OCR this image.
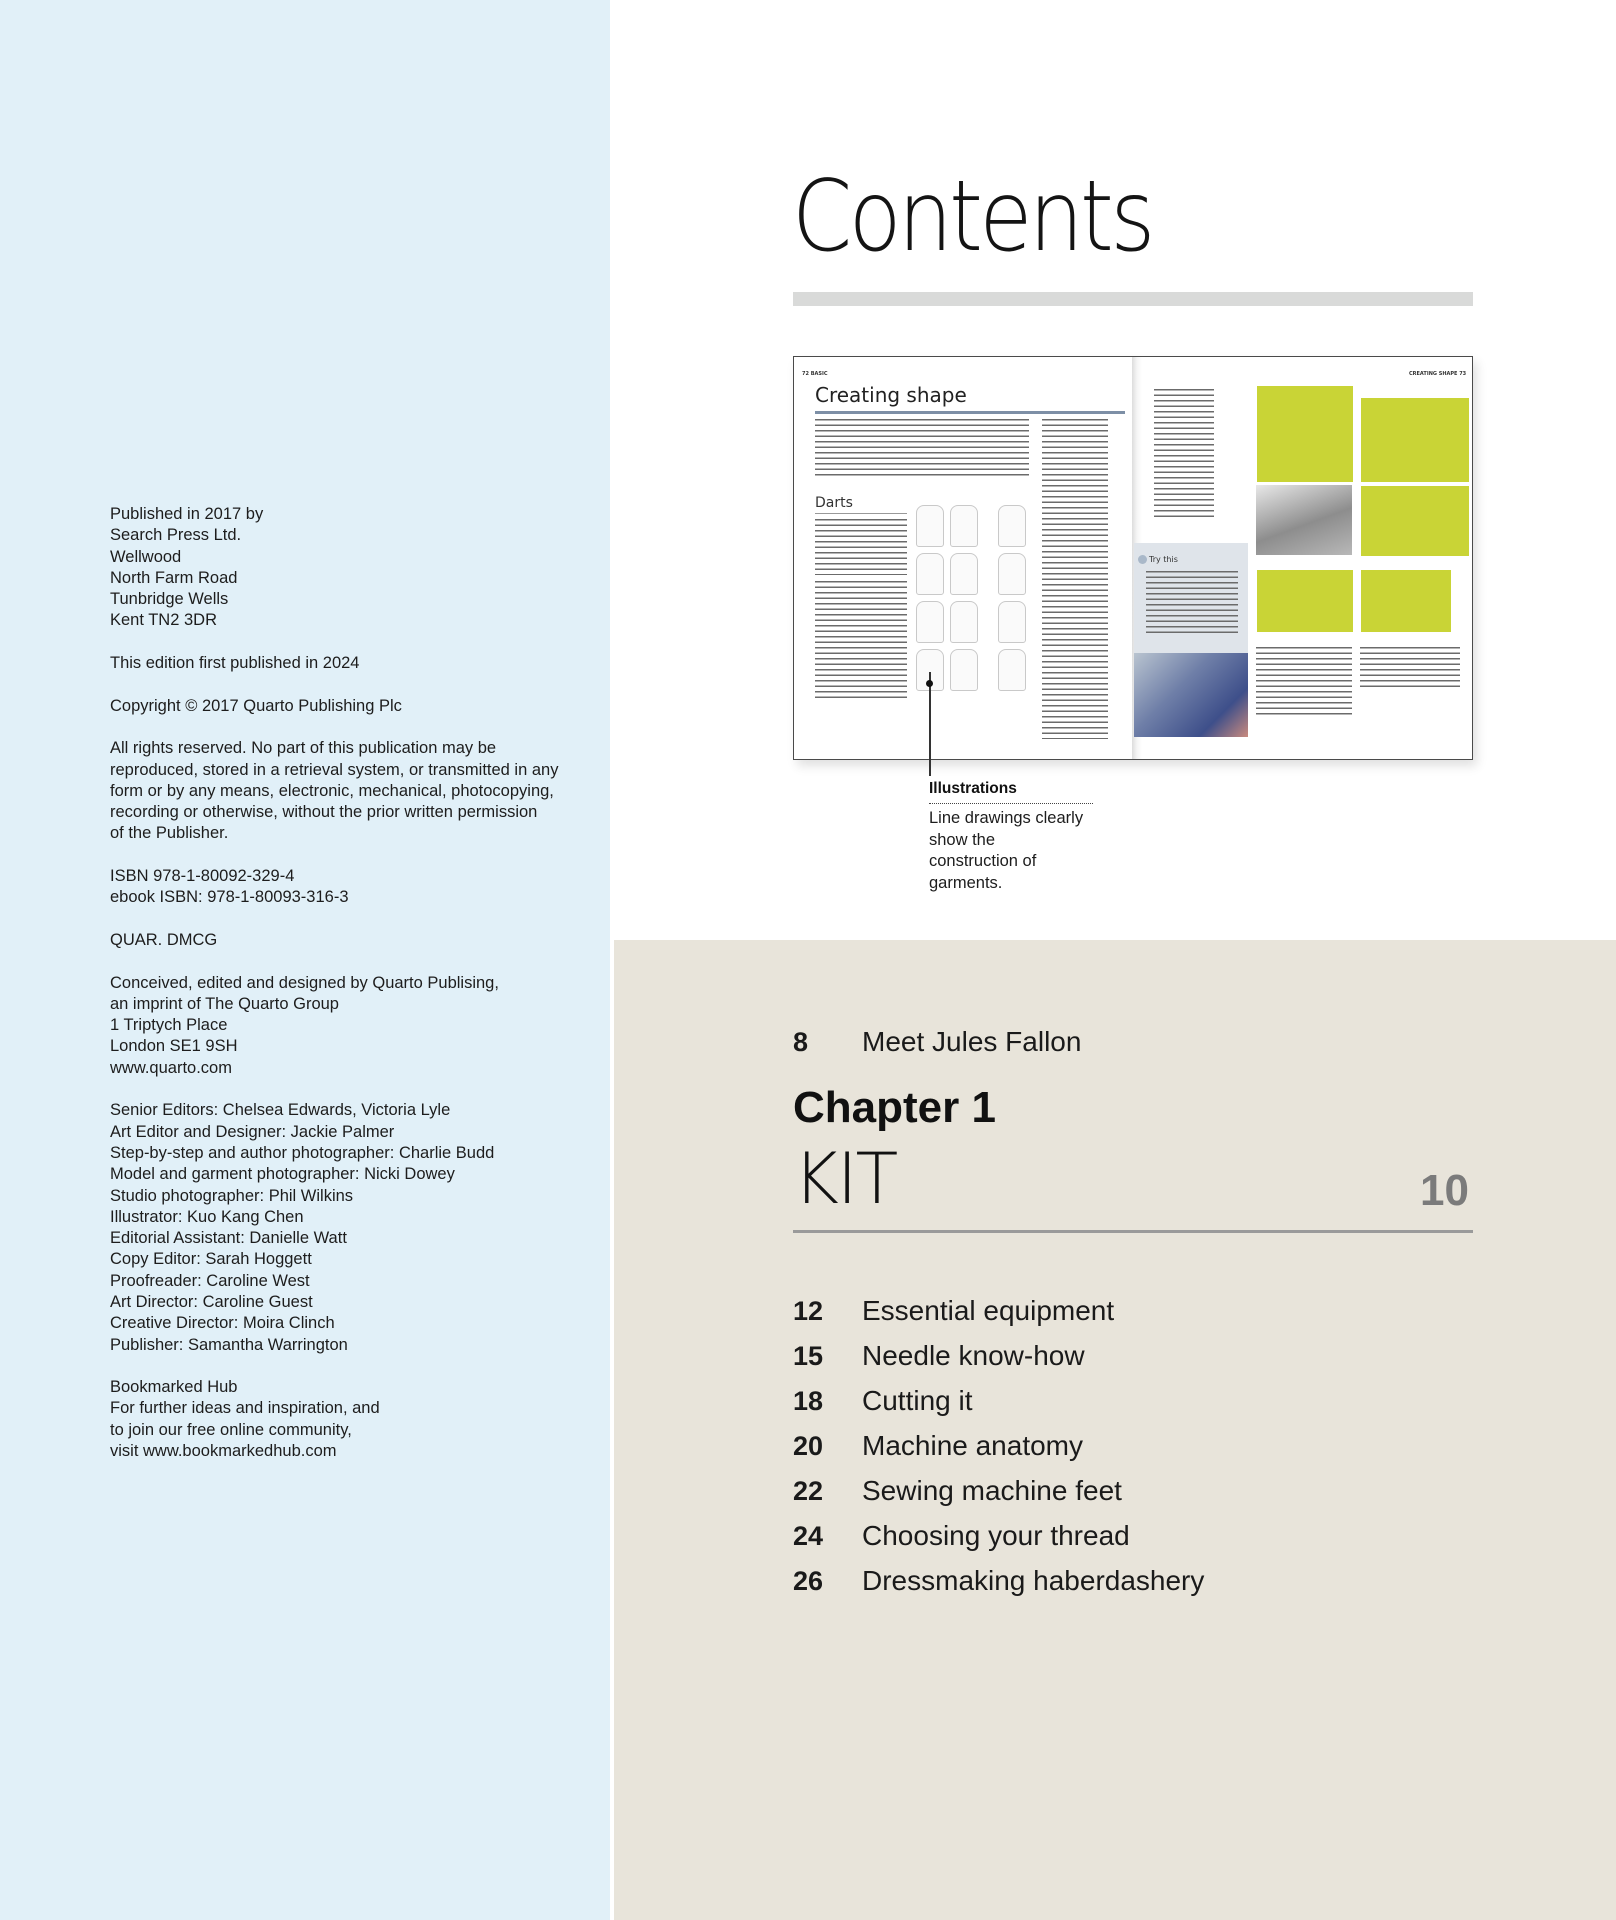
Published in 2017 by
Search Press Ltd.
Wellwood
North Farm Road
Tunbridge Wells
Kent TN2 3DR

This edition first published in 2024

Copyright © 2017 Quarto Publishing Plc

All rights reserved. No part of this publication may be
reproduced, stored in a retrieval system, or transmitted in any
form or by any means, electronic, mechanical, photocopying,
recording or otherwise, without the prior written permission
of the Publisher.

ISBN 978-1-80092-329-4
ebook ISBN: 978-1-80093-316-3

QUAR. DMCG

Conceived, edited and designed by Quarto Publising,
an imprint of The Quarto Group
1 Triptych Place
London SE1 9SH
www.quarto.com

Senior Editors: Chelsea Edwards, Victoria Lyle
Art Editor and Designer: Jackie Palmer
Step-by-step and author photographer: Charlie Budd
Model and garment photographer: Nicki Dowey
Studio photographer: Phil Wilkins
Illustrator: Kuo Kang Chen
Editorial Assistant: Danielle Watt
Copy Editor: Sarah Hoggett
Proofreader: Caroline West
Art Director: Caroline Guest
Creative Director: Moira Clinch
Publisher: Samantha Warrington

Bookmarked Hub
For further ideas and inspiration, and
to join our free online community,
visit www.bookmarkedhub.com

Contents
72 BASIC	CREATING SHAPE 73
Creating shape
Darts
Try this
Illustrations
Line drawings clearly
show the
construction of
garments.
8 Meet Jules Fallon
Chapter 1
KIT	10
12 Essential equipment
15 Needle know-how
18 Cutting it
20 Machine anatomy
22 Sewing machine feet
24 Choosing your thread
26 Dressmaking haberdashery
